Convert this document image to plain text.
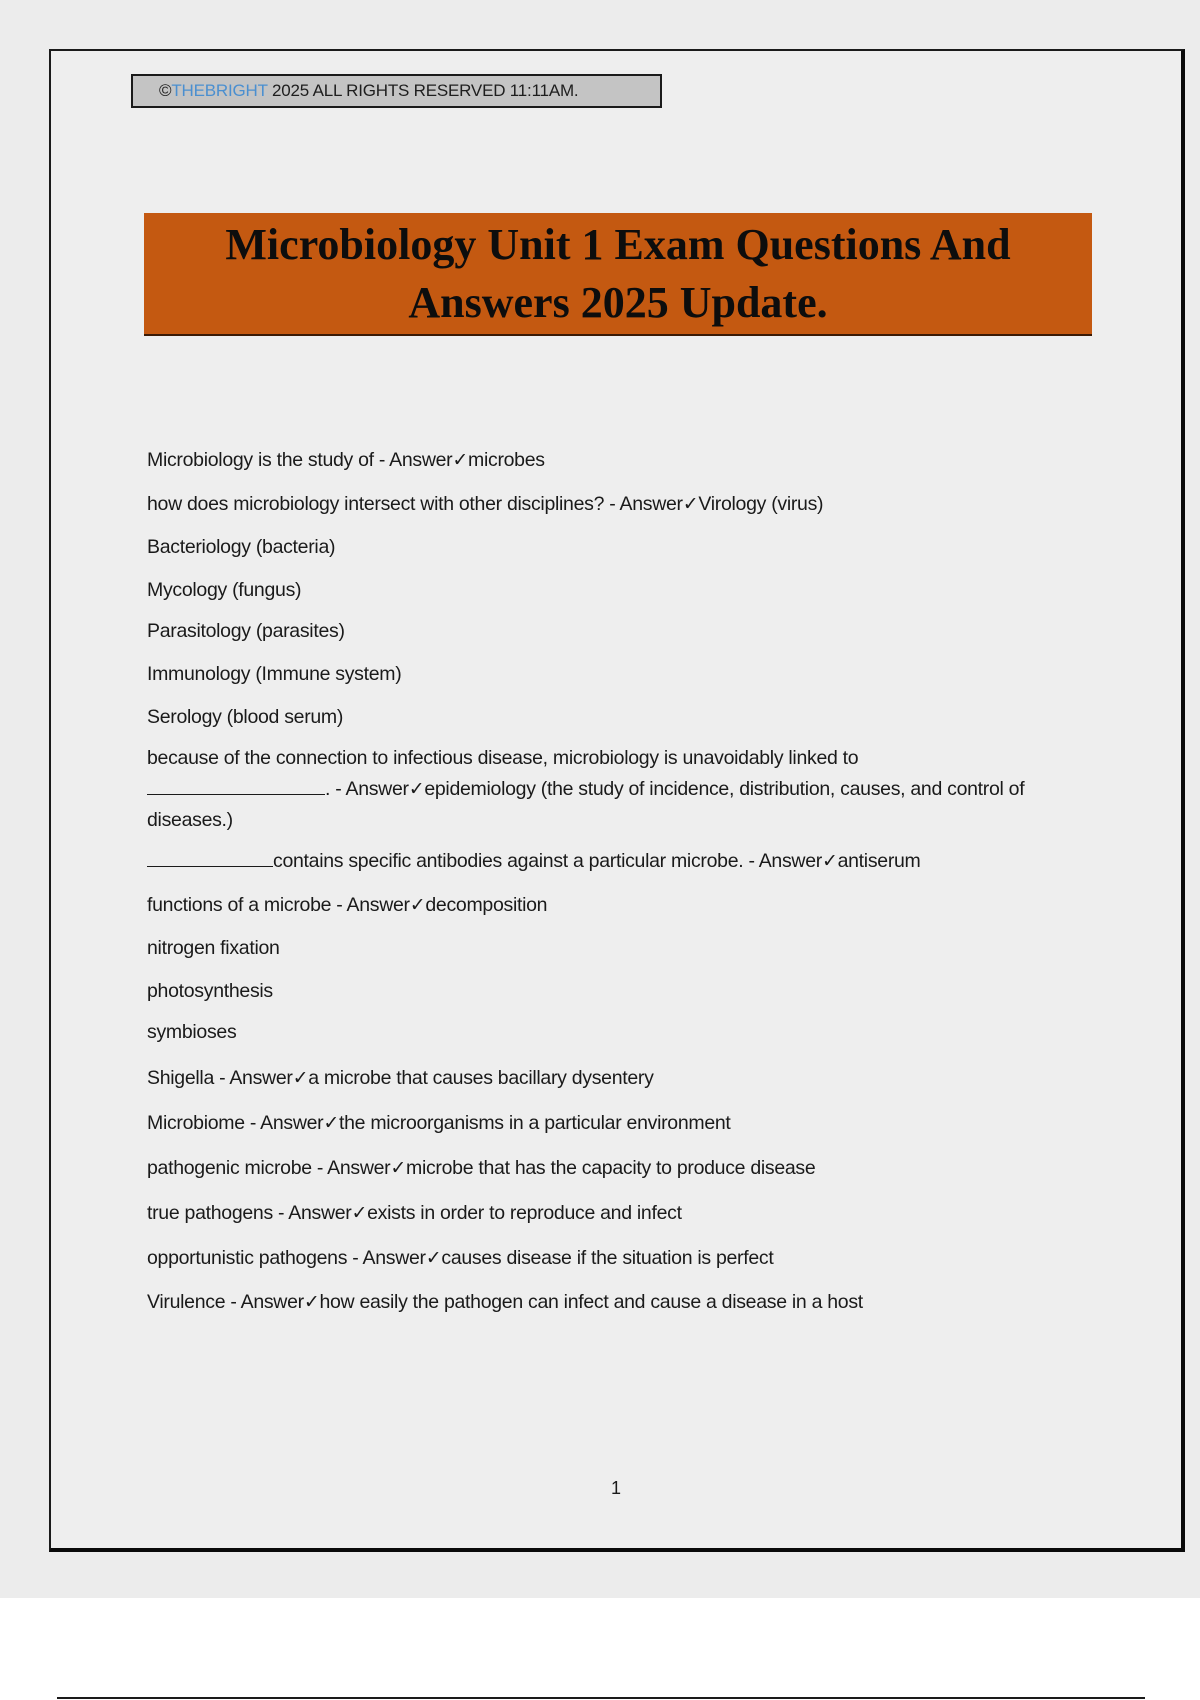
©THEBRIGHT 2025 ALL RIGHTS RESERVED 11:11AM.
Microbiology Unit 1 Exam Questions And
Answers 2025 Update.
Microbiology is the study of - Answer✓microbes
how does microbiology intersect with other disciplines? - Answer✓Virology (virus)
Bacteriology (bacteria)
Mycology (fungus)
Parasitology (parasites)
Immunology (Immune system)
Serology (blood serum)
because of the connection to infectious disease, microbiology is unavoidably linked to
. - Answer✓epidemiology (the study of incidence, distribution, causes, and control of diseases.)
contains specific antibodies against a particular microbe. - Answer✓antiserum
functions of a microbe - Answer✓decomposition
nitrogen fixation
photosynthesis
symbioses
Shigella - Answer✓a microbe that causes bacillary dysentery
Microbiome - Answer✓the microorganisms in a particular environment
pathogenic microbe - Answer✓microbe that has the capacity to produce disease
true pathogens - Answer✓exists in order to reproduce and infect
opportunistic pathogens - Answer✓causes disease if the situation is perfect
Virulence - Answer✓how easily the pathogen can infect and cause a disease in a host
1
